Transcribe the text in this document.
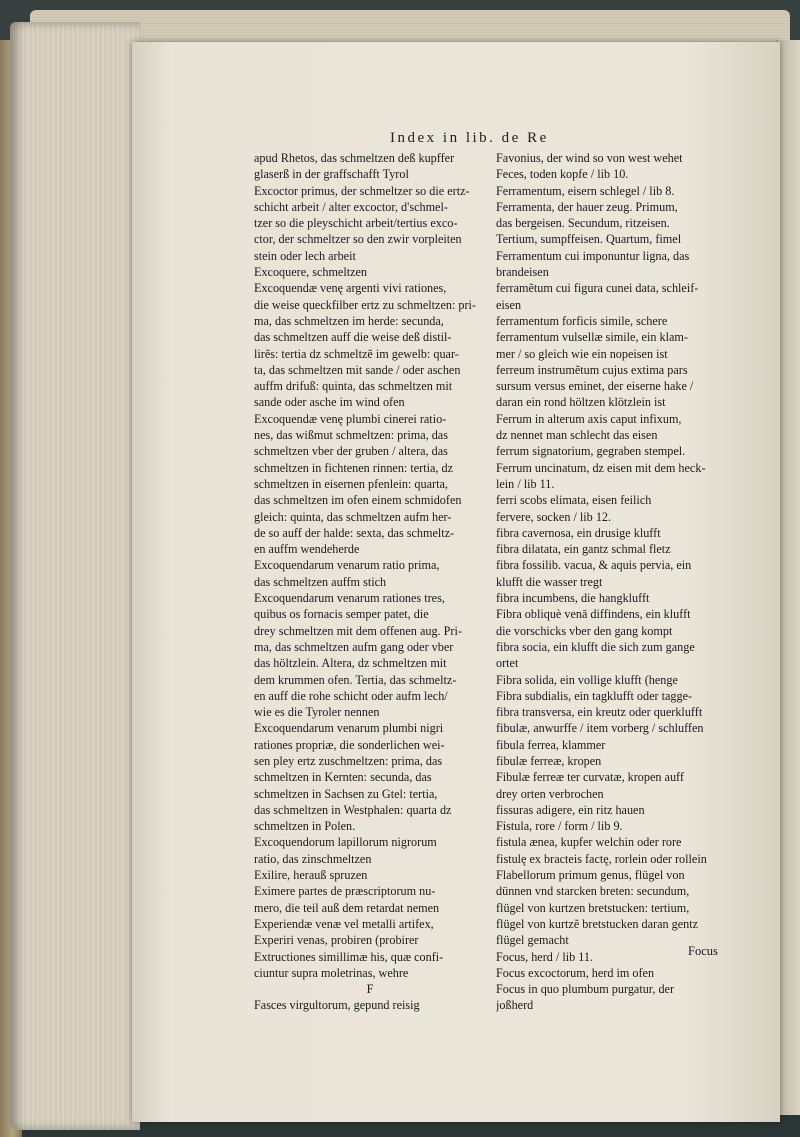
Index in lib. de Re
apud Rhetos, das schmeltzen deß kupffer
glaserß in der graffschafft Tyrol
Excoctor primus, der schmeltzer so die ertz-
schicht arbeit / alter excoctor, d'schmel-
tzer so die pleyschicht arbeit/tertius exco-
ctor, der schmeltzer so den zwir vorpleiten
stein oder lech arbeit
Excoquere, schmeltzen
Excoquendæ venę argenti vivi rationes,
die weise queckfilber ertz zu schmeltzen: pri-
ma, das schmeltzen im herde: secunda,
das schmeltzen auff die weise deß distil-
lirẽs: tertia dz schmeltzẽ im gewelb: quar-
ta, das schmeltzen mit sande / oder aschen
auffm drifuß: quinta, das schmeltzen mit
sande oder asche im wind ofen
Excoquendæ venę plumbi cinerei ratio-
nes, das wißmut schmeltzen: prima, das
schmeltzen vber der gruben / altera, das
schmeltzen in fichtenen rinnen: tertia, dz
schmeltzen in eisernen pfenlein: quarta,
das schmeltzen im ofen einem schmidofen
gleich: quinta, das schmeltzen aufm her-
de so auff der halde: sexta, das schmeltz-
en auffm wendeherde
Excoquendarum venarum ratio prima,
das schmeltzen auffm stich
Excoquendarum venarum rationes tres,
quibus os fornacis semper patet, die
drey schmeltzen mit dem offenen aug. Pri-
ma, das schmeltzen aufm gang oder vber
das höltzlein. Altera, dz schmeltzen mit
dem krummen ofen. Tertia, das schmeltz-
en auff die rohe schicht oder aufm lech/
wie es die Tyroler nennen
Excoquendarum venarum plumbi nigri
rationes propriæ, die sonderlichen wei-
sen pley ertz zuschmeltzen: prima, das
schmeltzen in Kernten: secunda, das
schmeltzen in Sachsen zu Gtel: tertia,
das schmeltzen in Westphalen: quarta dz
schmeltzen in Polen.
Excoquendorum lapillorum nigrorum
ratio, das zinschmeltzen
Exilire, herauß spruzen
Eximere partes de præscriptorum nu-
mero, die teil auß dem retardat nemen
Experiendæ venæ vel metalli artifex,
Experiri venas, probiren (probirer
Extructiones simillimæ his, quæ confi-
ciuntur supra moletrinas, wehre
F
Fasces virgultorum, gepund reisig
Favonius, der wind so von west wehet
Feces, toden kopfe / lib 10.
Ferramentum, eisern schlegel / lib 8.
Ferramenta, der hauer zeug. Primum,
das bergeisen. Secundum, ritzeisen.
Tertium, sumpffeisen. Quartum, fimel
Ferramentum cui imponuntur ligna, das
brandeisen
ferramẽtum cui figura cunei data, schleif-
eisen
ferramentum forficis simile, schere
ferramentum vulsellæ simile, ein klam-
mer / so gleich wie ein nopeisen ist
ferreum instrumẽtum cujus extima pars
sursum versus eminet, der eiserne hake /
daran ein rond höltzen klötzlein ist
Ferrum in alterum axis caput infixum,
dz nennet man schlecht das eisen
ferrum signatorium, gegraben stempel.
Ferrum uncinatum, dz eisen mit dem heck-
lein / lib 11.
ferri scobs elimata, eisen feilich
fervere, socken / lib 12.
fibra cavernosa, ein drusige klufft
fibra dilatata, ein gantz schmal fletz
fibra fossilib. vacua, & aquis pervia, ein
klufft die wasser tregt
fibra incumbens, die hangklufft
Fibra obliquè venā diffindens, ein klufft
die vorschicks vber den gang kompt
fibra socia, ein klufft die sich zum gange
ortet
Fibra solida, ein vollige klufft (henge
Fibra subdialis, ein tagklufft oder tagge-
fibra transversa, ein kreutz oder querklufft
fibulæ, anwurffe / item vorberg / schluffen
fibula ferrea, klammer
fibulæ ferreæ, kropen
Fibulæ ferreæ ter curvatæ, kropen auff
drey orten verbrochen
fissuras adigere, ein ritz hauen
Fistula, rore / form / lib 9.
fistula ænea, kupfer welchin oder rore
fistulę ex bracteis factę, rorlein oder rollein
Flabellorum primum genus, flügel von
dünnen vnd starcken breten: secundum,
flügel von kurtzen bretstucken: tertium,
flügel von kurtzẽ bretstucken daran gentz
flügel gemacht
Focus, herd / lib 11.
Focus excoctorum, herd im ofen
Focus in quo plumbum purgatur, der
joßherd
Focus
